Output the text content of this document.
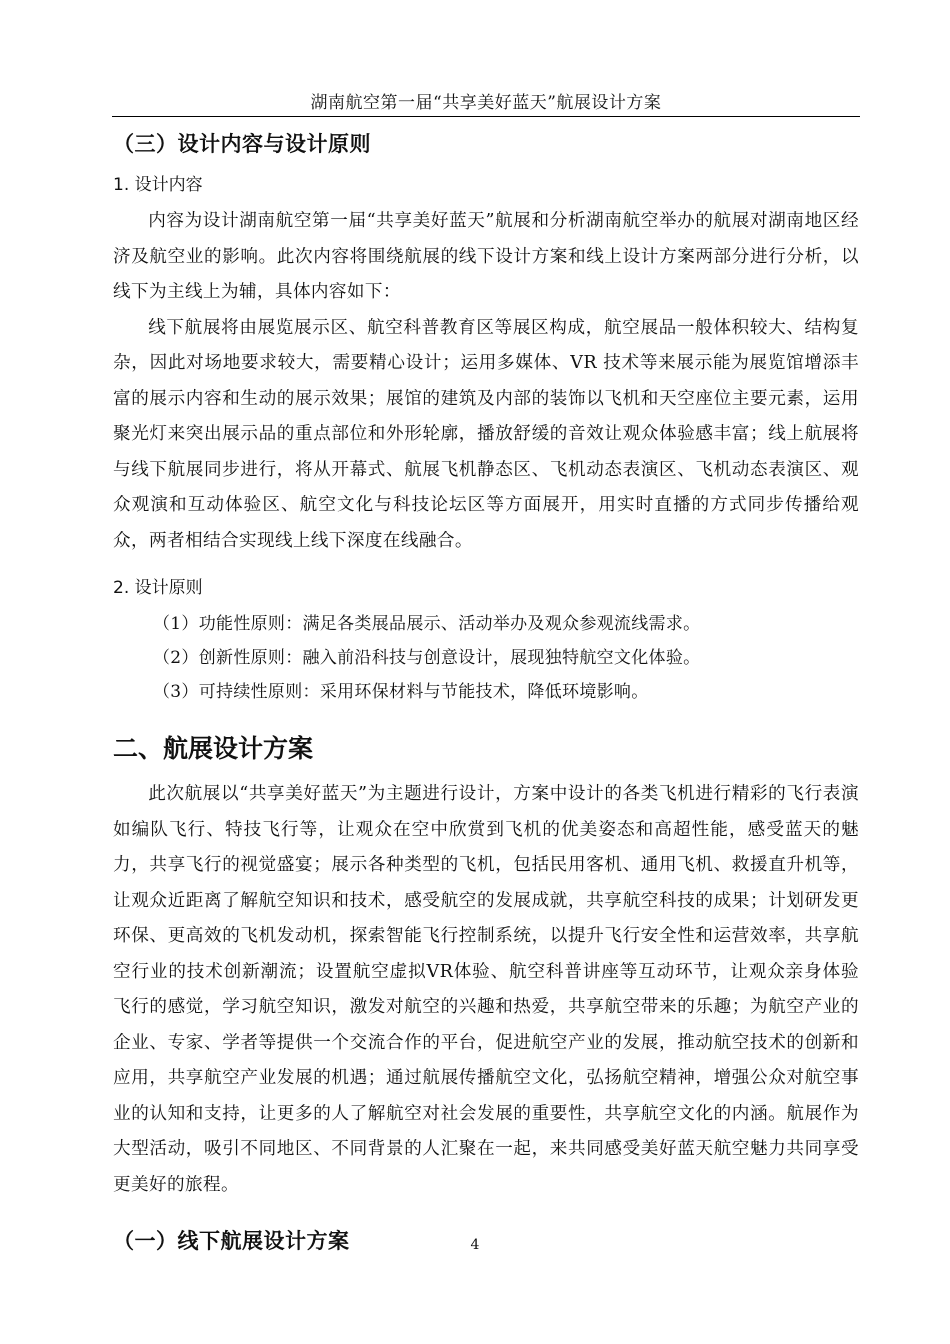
湖南航空第一届“共享美好蓝天”航展设计方案
（三）设计内容与设计原则
1. 设计内容

内容为设计湖南航空第一届“共享美好蓝天”航展和分析湖南航空举办的航展对湖南地区经济及航空业的影响。此次内容将围绕航展的线下设计方案和线上设计方案两部分进行分析，以线下为主线上为辅，具体内容如下：

线下航展将由展览展示区、航空科普教育区等展区构成，航空展品一般体积较大、结构复杂，因此对场地要求较大，需要精心设计；运用多媒体、VR 技术等来展示能为展览馆增添丰富的展示内容和生动的展示效果；展馆的建筑及内部的装饰以飞机和天空座位主要元素，运用聚光灯来突出展示品的重点部位和外形轮廓，播放舒缓的音效让观众体验感丰富；线上航展将与线下航展同步进行，将从开幕式、航展飞机静态区、飞机动态表演区、飞机动态表演区、观众观演和互动体验区、航空文化与科技论坛区等方面展开，用实时直播的方式同步传播给观众，两者相结合实现线上线下深度在线融合。

2. 设计原则

（1）功能性原则：满足各类展品展示、活动举办及观众参观流线需求。

（2）创新性原则：融入前沿科技与创意设计，展现独特航空文化体验。

（3）可持续性原则：采用环保材料与节能技术，降低环境影响。

二、航展设计方案

此次航展以“共享美好蓝天”为主题进行设计，方案中设计的各类飞机进行精彩的飞行表演如编队飞行、特技飞行等，让观众在空中欣赏到飞机的优美姿态和高超性能，感受蓝天的魅力，共享飞行的视觉盛宴；展示各种类型的飞机，包括民用客机、通用飞机、救援直升机等，让观众近距离了解航空知识和技术，感受航空的发展成就，共享航空科技的成果；计划研发更环保、更高效的飞机发动机，探索智能飞行控制系统，以提升飞行安全性和运营效率，共享航空行业的技术创新潮流；设置航空虚拟VR体验、航空科普讲座等互动环节，让观众亲身体验飞行的感觉，学习航空知识，激发对航空的兴趣和热爱，共享航空带来的乐趣；为航空产业的企业、专家、学者等提供一个交流合作的平台，促进航空产业的发展，推动航空技术的创新和应用，共享航空产业发展的机遇；通过航展传播航空文化，弘扬航空精神，增强公众对航空事业的认知和支持，让更多的人了解航空对社会发展的重要性，共享航空文化的内涵。航展作为大型活动，吸引不同地区、不同背景的人汇聚在一起，来共同感受美好蓝天航空魅力共同享受更美好的旅程。

（一）线下航展设计方案	4
